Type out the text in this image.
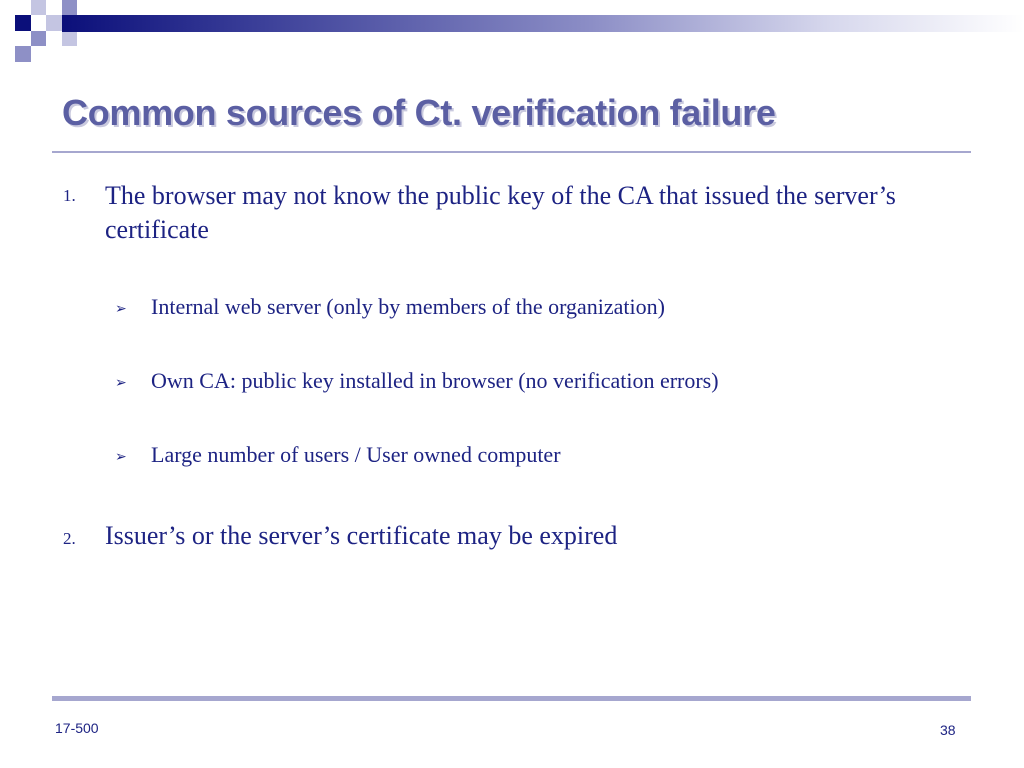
Common sources of Ct. verification failure
1. The browser may not know the public key of the CA that issued the server’s certificate
➢ Internal web server (only by members of the organization)
➢ Own CA: public key installed in browser (no verification errors)
➢ Large number of users / User owned computer
2. Issuer’s or the server’s certificate may be expired
17-500	38
